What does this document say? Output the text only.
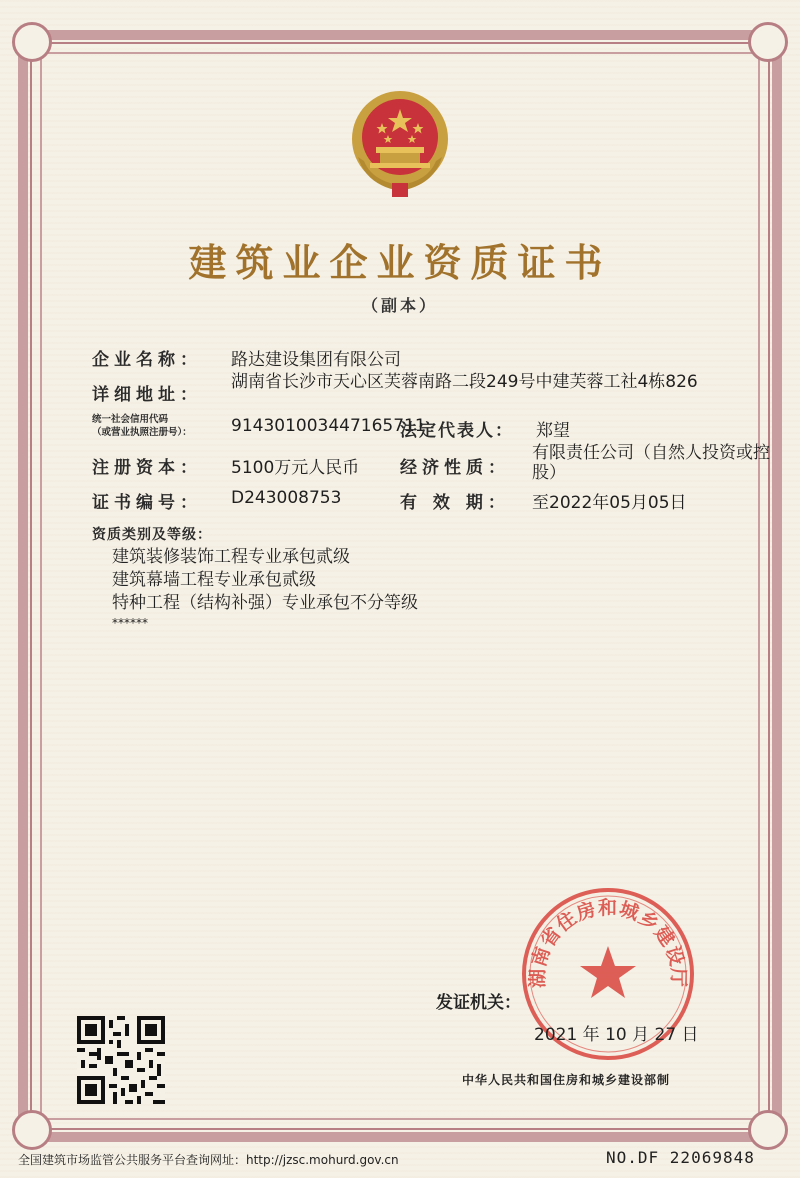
建筑业企业资质证书
（副本）
企业名称： 路达建设集团有限公司
详细地址：
湖南省长沙市天心区芙蓉南路二段249号中建芙蓉工社4栋826
统一社会信用代码
（或营业执照注册号）： 914301003447165711
法定代表人： 郑望
注册资本： 5100万元人民币 经济性质：
有限责任公司（自然人投资或控股）
证书编号： D243008753	有 效 期： 至2022年05月05日
资质类别及等级：
建筑装修装饰工程专业承包贰级
建筑幕墙工程专业承包贰级
特种工程（结构补强）专业承包不分等级
******
湖南省住房和城乡建设厅
发证机关：
2021 年 10 月 27 日
中华人民共和国住房和城乡建设部制
全国建筑市场监管公共服务平台查询网址：http://jzsc.mohurd.gov.cn	NO.DF 22069848
